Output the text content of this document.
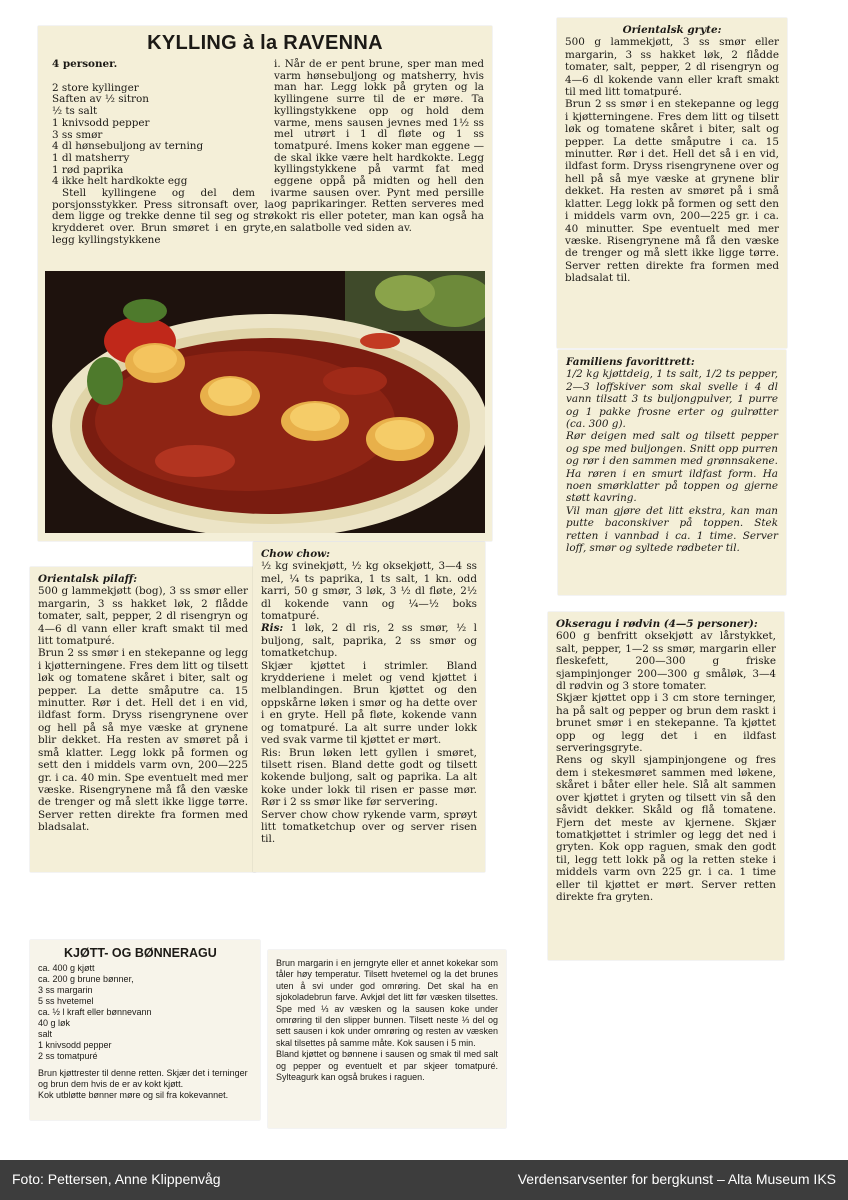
KYLLING à la RAVENNA

4 personer.

2 store kyllinger
Saften av ½ sitron
½ ts salt
1 knivsodd pepper
3 ss smør
4 dl hønsebuljong av terning
1 dl matsherry
1 rød paprika
4 ikke helt hardkokte egg

Stell kyllingene og del dem i porsjonsstykker. Press sitronsaft over, la dem ligge og trekke denne til seg og strø krydderet over. Brun smøret i en gryte, legg kyllingstykkene

i. Når de er pent brune, sper man med varm hønsebuljong og matsherry, hvis man har. Legg lokk på gryten og la kyllingene surre til de er møre. Ta kyllingstykkene opp og hold dem varme, mens sausen jevnes med 1½ ss mel utrørt i 1 dl fløte og 1 ss tomatpuré. Imens koker man eggene — de skal ikke være helt hardkokte. Legg kyllingstykkene på varmt fat med eggene oppå på midten og hell den varme sausen over. Pynt med persille og paprikaringer. Retten serveres med kokt ris eller poteter, man kan også ha en salatbolle ved siden av.

Orientalsk gryte:

500 g lammekjøtt, 3 ss smør eller margarin, 3 ss hakket løk, 2 flådde tomater, salt, pepper, 2 dl risengryn og 4—6 dl kokende vann eller kraft smakt til med litt tomatpuré.
Brun 2 ss smør i en stekepanne og legg i kjøtterningene. Fres dem litt og tilsett løk og tomatene skåret i biter, salt og pepper. La dette småputre i ca. 15 minutter. Rør i det. Hell det så i en vid, ildfast form. Dryss risengrynene over og hell på så mye væske at grynene blir dekket. Ha resten av smøret på i små klatter. Legg lokk på formen og sett den i middels varm ovn, 200—225 gr. i ca. 40 minutter. Spe eventuelt med mer væske. Risengrynene må få den væske de trenger og må slett ikke ligge tørre. Server retten direkte fra formen med bladsalat til.

Familiens favorittrett:

1/2 kg kjøttdeig, 1 ts salt, 1/2 ts pepper, 2—3 loffskiver som skal svelle i 4 dl vann tilsatt 3 ts buljongpulver, 1 purre og 1 pakke frosne erter og gulrøtter (ca. 300 g).
Rør deigen med salt og tilsett pepper og spe med buljongen. Snitt opp purren og rør i den sammen med grønnsakene. Ha røren i en smurt ildfast form. Ha noen smørklatter på toppen og gjerne støtt kavring.
Vil man gjøre det litt ekstra, kan man putte baconskiver på toppen. Stek retten i vannbad i ca. 1 time. Server loff, smør og syltede rødbeter til.

Okseragu i rødvin (4—5 personer):

600 g benfritt oksekjøtt av lårstykket, salt, pepper, 1—2 ss smør, margarin eller fleskefett, 200—300 g friske sjampinjonger 200—300 g småløk, 3—4 dl rødvin og 3 store tomater.
Skjær kjøttet opp i 3 cm store terninger, ha på salt og pepper og brun dem raskt i brunet smør i en stekepanne. Ta kjøttet opp og legg det i en ildfast serveringsgryte.
Rens og skyll sjampinjongene og fres dem i stekesmøret sammen med løkene, skåret i båter eller hele. Slå alt sammen over kjøttet i gryten og tilsett vin så den såvidt dekker. Skåld og flå tomatene. Fjern det meste av kjernene. Skjær tomatkjøttet i strimler og legg det ned i gryten. Kok opp raguen, smak den godt til, legg tett lokk på og la retten steke i middels varm ovn 225 gr. i ca. 1 time eller til kjøttet er mørt. Server retten direkte fra gryten.

Orientalsk pilaff:

500 g lammekjøtt (bog), 3 ss smør eller margarin, 3 ss hakket løk, 2 flådde tomater, salt, pepper, 2 dl risengryn og 4—6 dl vann eller kraft smakt til med litt tomatpuré.
Brun 2 ss smør i en stekepanne og legg i kjøtterningene. Fres dem litt og tilsett løk og tomatene skåret i biter, salt og pepper. La dette småputre ca. 15 minutter. Rør i det. Hell det i en vid, ildfast form. Dryss risengrynene over og hell på så mye væske at grynene blir dekket. Ha resten av smøret på i små klatter. Legg lokk på formen og sett den i middels varm ovn, 200—225 gr. i ca. 40 min. Spe eventuelt med mer væske. Risengrynene må få den væske de trenger og må slett ikke ligge tørre. Server retten direkte fra formen med bladsalat.

Chow chow:

½ kg svinekjøtt, ½ kg oksekjøtt, 3—4 ss mel, ¼ ts paprika, 1 ts salt, 1 kn. odd karri, 50 g smør, 3 løk, 3 ½ dl fløte, 2½ dl kokende vann og ¼—½ boks tomatpuré.

Ris: 1 løk, 2 dl ris, 2 ss smør, ½ l buljong, salt, paprika, 2 ss smør og tomatketchup.

Skjær kjøttet i strimler. Bland krydderiene i melet og vend kjøttet i melblandingen. Brun kjøttet og den oppskårne løken i smør og ha dette over i en gryte. Hell på fløte, kokende vann og tomatpuré. La alt surre under lokk ved svak varme til kjøttet er mørt.
Ris: Brun løken lett gyllen i smøret, tilsett risen. Bland dette godt og tilsett kokende buljong, salt og paprika. La alt koke under lokk til risen er passe mør. Rør i 2 ss smør like før servering.
Server chow chow rykende varm, sprøyt litt tomatketchup over og server risen til.

KJØTT- OG BØNNERAGU

ca. 400 g kjøtt
ca. 200 g brune bønner,
3 ss margarin
5 ss hvetemel
ca. ½ l kraft eller bønnevann
40 g løk
salt
1 knivsodd pepper
2 ss tomatpuré

Brun kjøttrester til denne retten. Skjær det i terninger og brun dem hvis de er av kokt kjøtt.
Kok utbløtte bønner møre og sil fra kokevannet.

Brun margarin i en jerngryte eller et annet kokekar som tåler høy temperatur. Tilsett hvetemel og la det brunes uten å svi under god omrøring. Det skal ha en sjokoladebrun farve. Avkjøl det litt før væsken tilsettes. Spe med ⅓ av væsken og la sausen koke under omrøring til den slipper bunnen. Tilsett neste ⅓ del og sett sausen i kok under omrøring og resten av væsken skal tilsettes på samme måte. Kok sausen i 5 min.
Bland kjøttet og bønnene i sausen og smak til med salt og pepper og eventuelt et par skjeer tomatpuré. Sylteagurk kan også brukes i raguen.

Foto: Pettersen, Anne Klippenvåg	Verdensarvsenter for bergkunst – Alta Museum IKS
